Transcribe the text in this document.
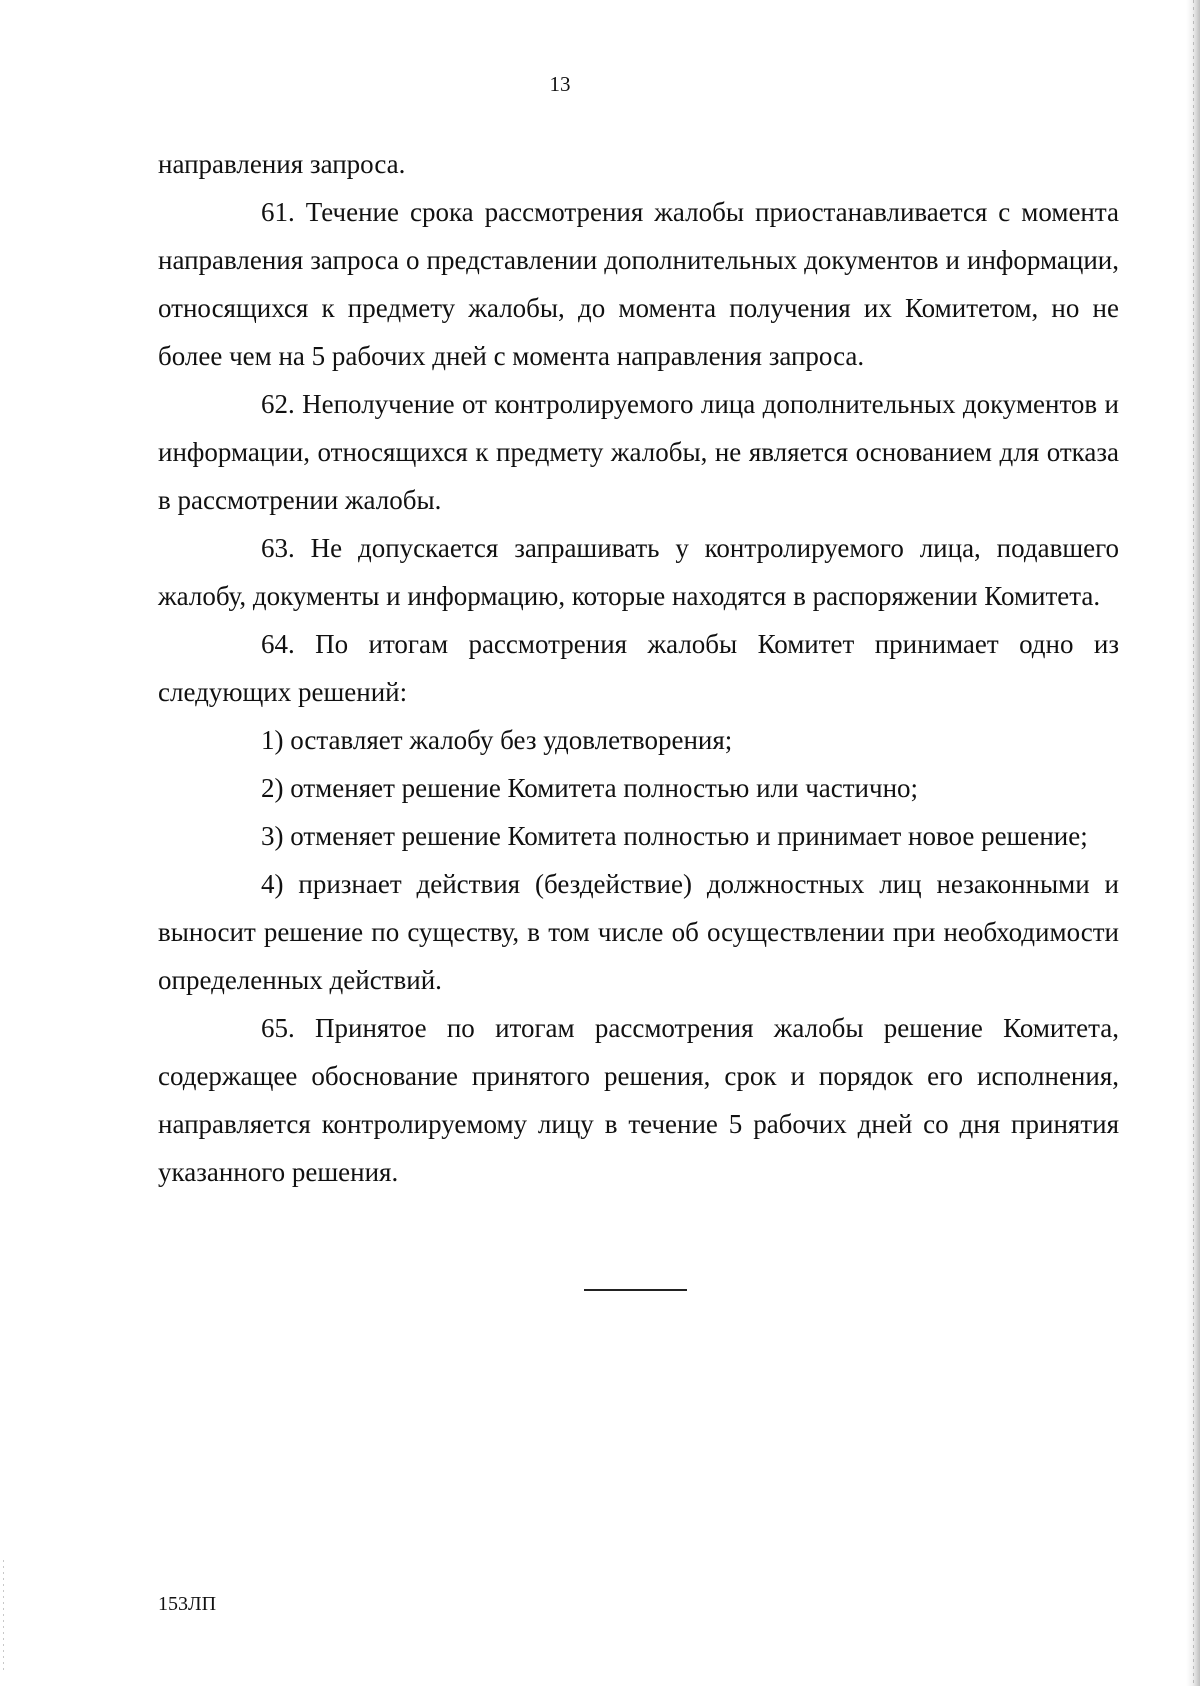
13

направления запроса.

61. Течение срока рассмотрения жалобы приостанавливается с момента направления запроса о представлении дополнительных документов и информации, относящихся к предмету жалобы, до момента получения их Комитетом, но не более чем на 5 рабочих дней с момента направления запроса.

62. Неполучение от контролируемого лица дополнительных документов и информации, относящихся к предмету жалобы, не является основанием для отказа в рассмотрении жалобы.

63. Не допускается запрашивать у контролируемого лица, подавшего жалобу, документы и информацию, которые находятся в распоряжении Комитета.

64. По итогам рассмотрения жалобы Комитет принимает одно из следующих решений:

1) оставляет жалобу без удовлетворения;

2) отменяет решение Комитета полностью или частично;

3) отменяет решение Комитета полностью и принимает новое решение;

4) признает действия (бездействие) должностных лиц незаконными и выносит решение по существу, в том числе об осуществлении при необходимости определенных действий.

65. Принятое по итогам рассмотрения жалобы решение Комитета, содержащее обоснование принятого решения, срок и порядок его исполнения, направляется контролируемому лицу в течение 5 рабочих дней со дня принятия указанного решения.

153ЛП
